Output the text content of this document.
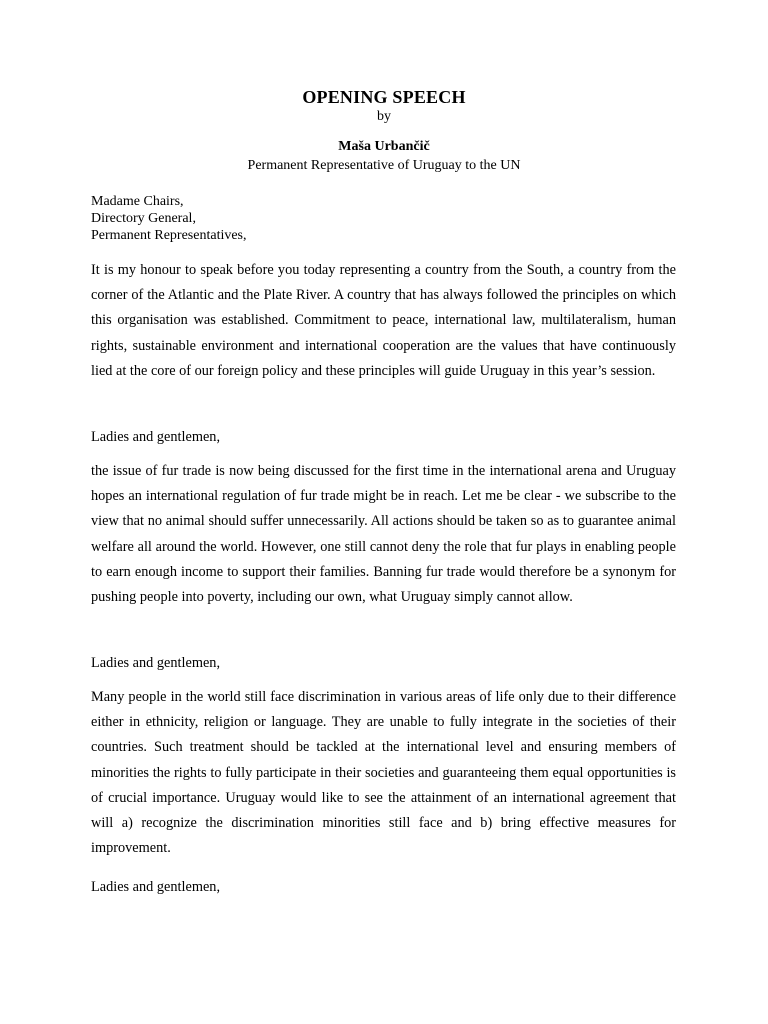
OPENING SPEECH
by
Maša Urbančič
Permanent Representative of Uruguay to the UN
Madame Chairs,
Directory General,
Permanent Representatives,
It is my honour to speak before you today representing a country from the South, a country from the corner of the Atlantic and the Plate River. A country that has always followed the principles on which this organisation was established. Commitment to peace, international law, multilateralism, human rights, sustainable environment and international cooperation are the values that have continuously lied at the core of our foreign policy and these principles will guide Uruguay in this year’s session.
Ladies and gentlemen,
the issue of fur trade is now being discussed for the first time in the international arena and Uruguay hopes an international regulation of fur trade might be in reach. Let me be clear - we subscribe to the view that no animal should suffer unnecessarily. All actions should be taken so as to guarantee animal welfare all around the world. However, one still cannot deny the role that fur plays in enabling people to earn enough income to support their families. Banning fur trade would therefore be a synonym for pushing people into poverty, including our own, what Uruguay simply cannot allow.
Ladies and gentlemen,
Many people in the world still face discrimination in various areas of life only due to their difference either in ethnicity, religion or language. They are unable to fully integrate in the societies of their countries. Such treatment should be tackled at the international level and ensuring members of minorities the rights to fully participate in their societies and guaranteeing them equal opportunities is of crucial importance. Uruguay would like to see the attainment of an international agreement that will a) recognize the discrimination minorities still face and b) bring effective measures for improvement.
Ladies and gentlemen,
